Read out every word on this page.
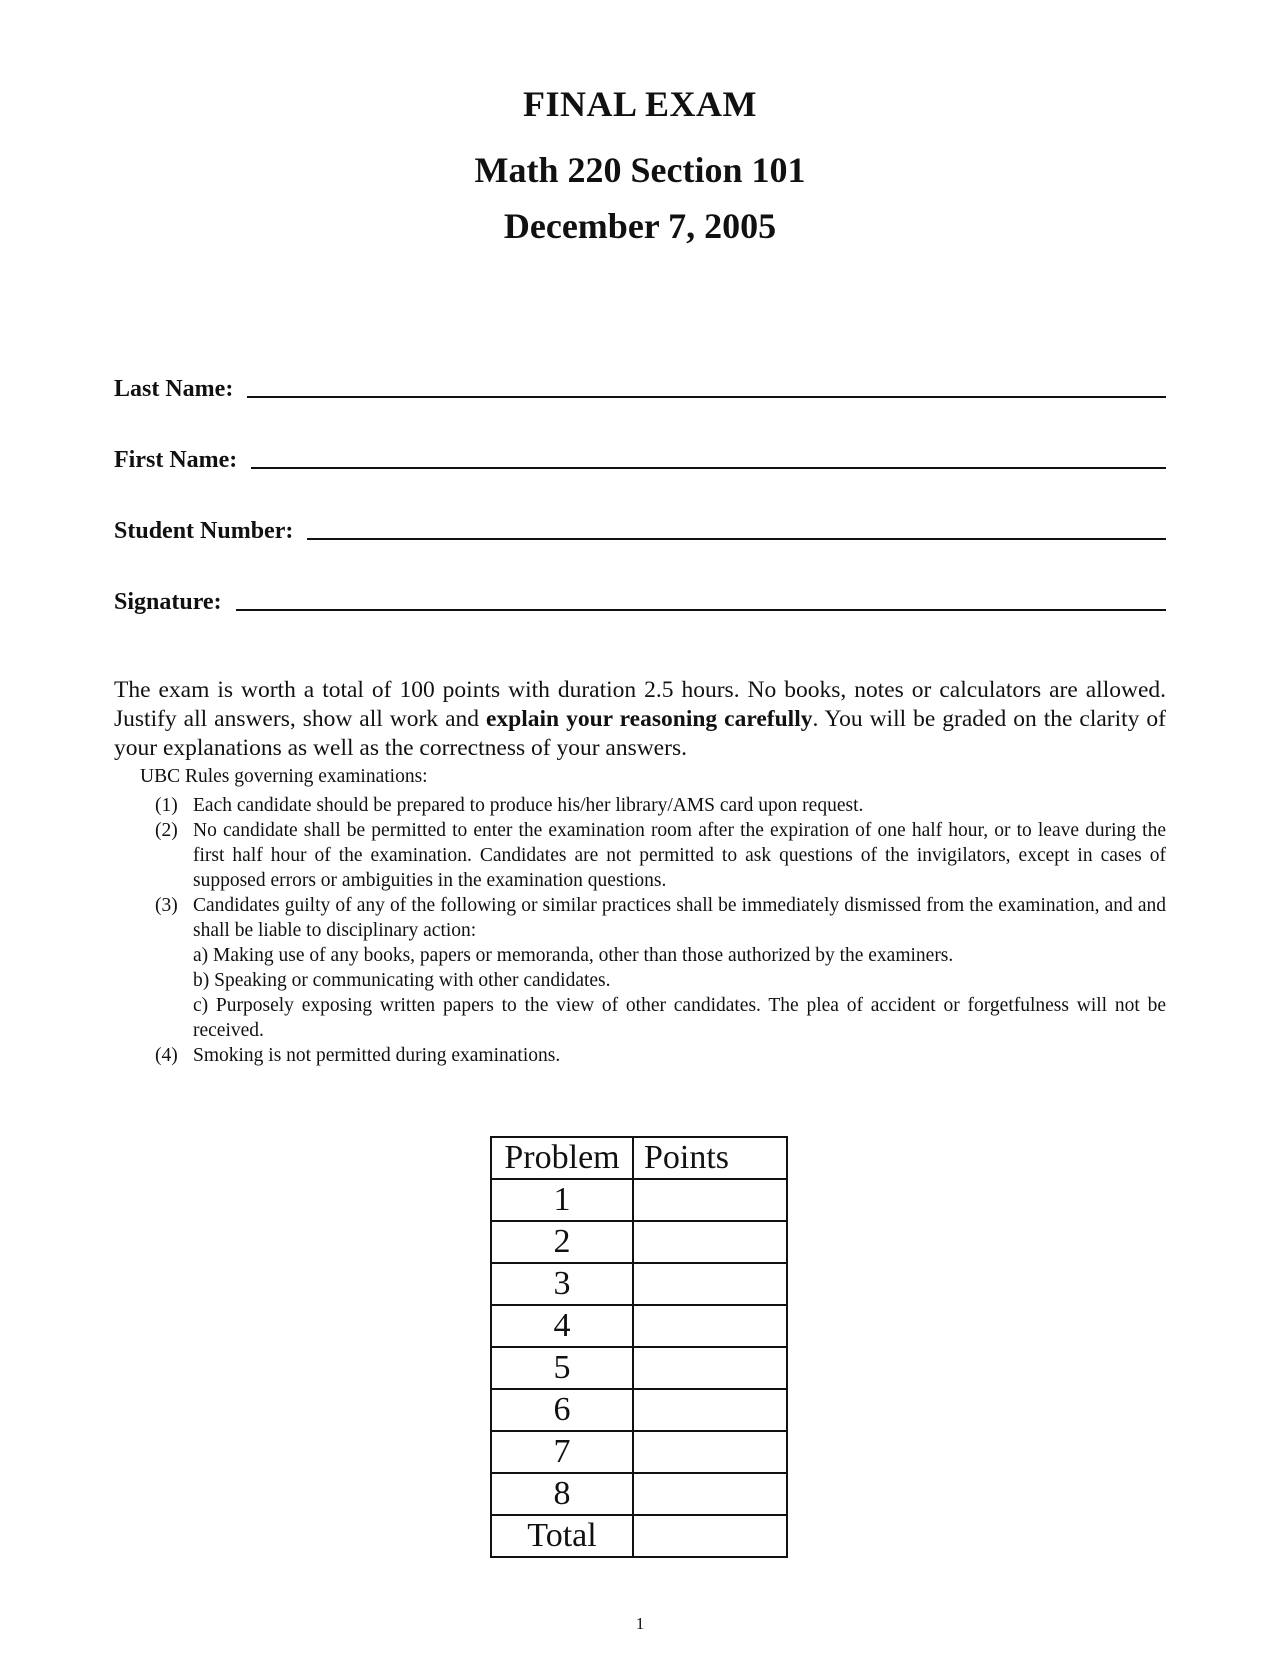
FINAL EXAM
Math 220 Section 101
December 7, 2005
Last Name:
First Name:
Student Number:
Signature:
The exam is worth a total of 100 points with duration 2.5 hours. No books, notes or calculators are allowed. Justify all answers, show all work and explain your reasoning carefully. You will be graded on the clarity of your explanations as well as the correctness of your answers.
UBC Rules governing examinations:
(1) Each candidate should be prepared to produce his/her library/AMS card upon request.
(2) No candidate shall be permitted to enter the examination room after the expiration of one half hour, or to leave during the first half hour of the examination. Candidates are not permitted to ask questions of the invigilators, except in cases of supposed errors or ambiguities in the examination questions.
(3) Candidates guilty of any of the following or similar practices shall be immediately dismissed from the examination, and and shall be liable to disciplinary action:
a) Making use of any books, papers or memoranda, other than those authorized by the examiners.
b) Speaking or communicating with other candidates.
c) Purposely exposing written papers to the view of other candidates. The plea of accident or forgetfulness will not be received.
(4) Smoking is not permitted during examinations.
Problem	Points
1	
2	
3	
4	
5	
6	
7	
8	
Total	
1
